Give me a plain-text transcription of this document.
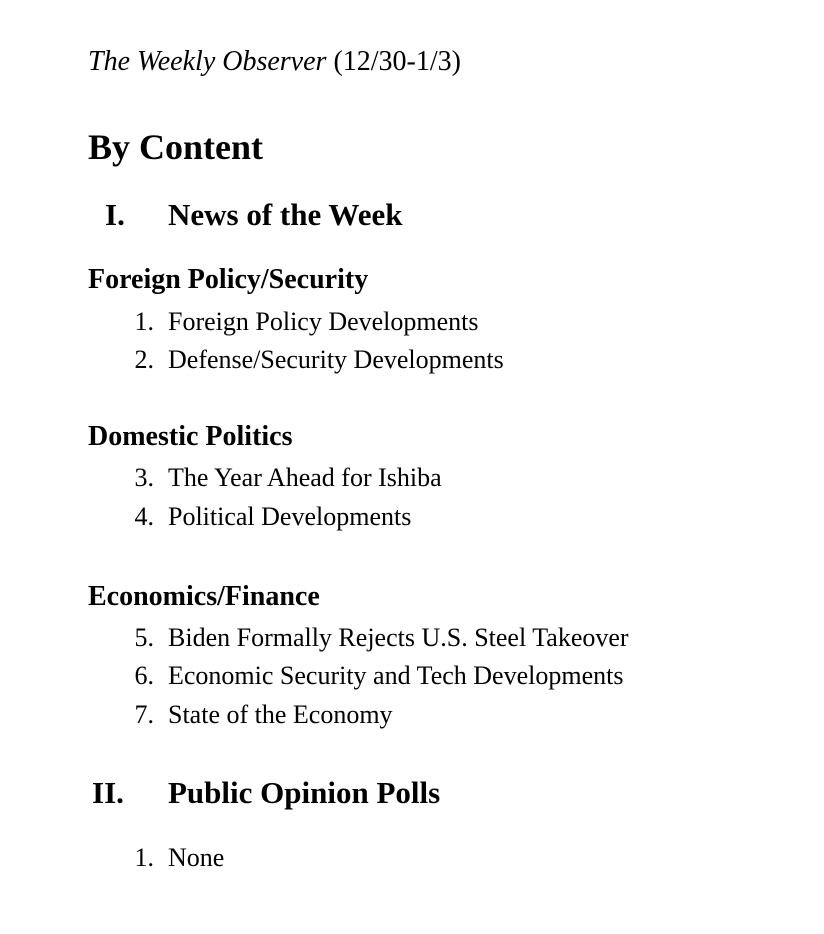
The Weekly Observer (12/30-1/3)
By Content
I. News of the Week
Foreign Policy/Security
1. Foreign Policy Developments
2. Defense/Security Developments
Domestic Politics
3. The Year Ahead for Ishiba
4. Political Developments
Economics/Finance
5. Biden Formally Rejects U.S. Steel Takeover
6. Economic Security and Tech Developments
7. State of the Economy
II. Public Opinion Polls
1. None
